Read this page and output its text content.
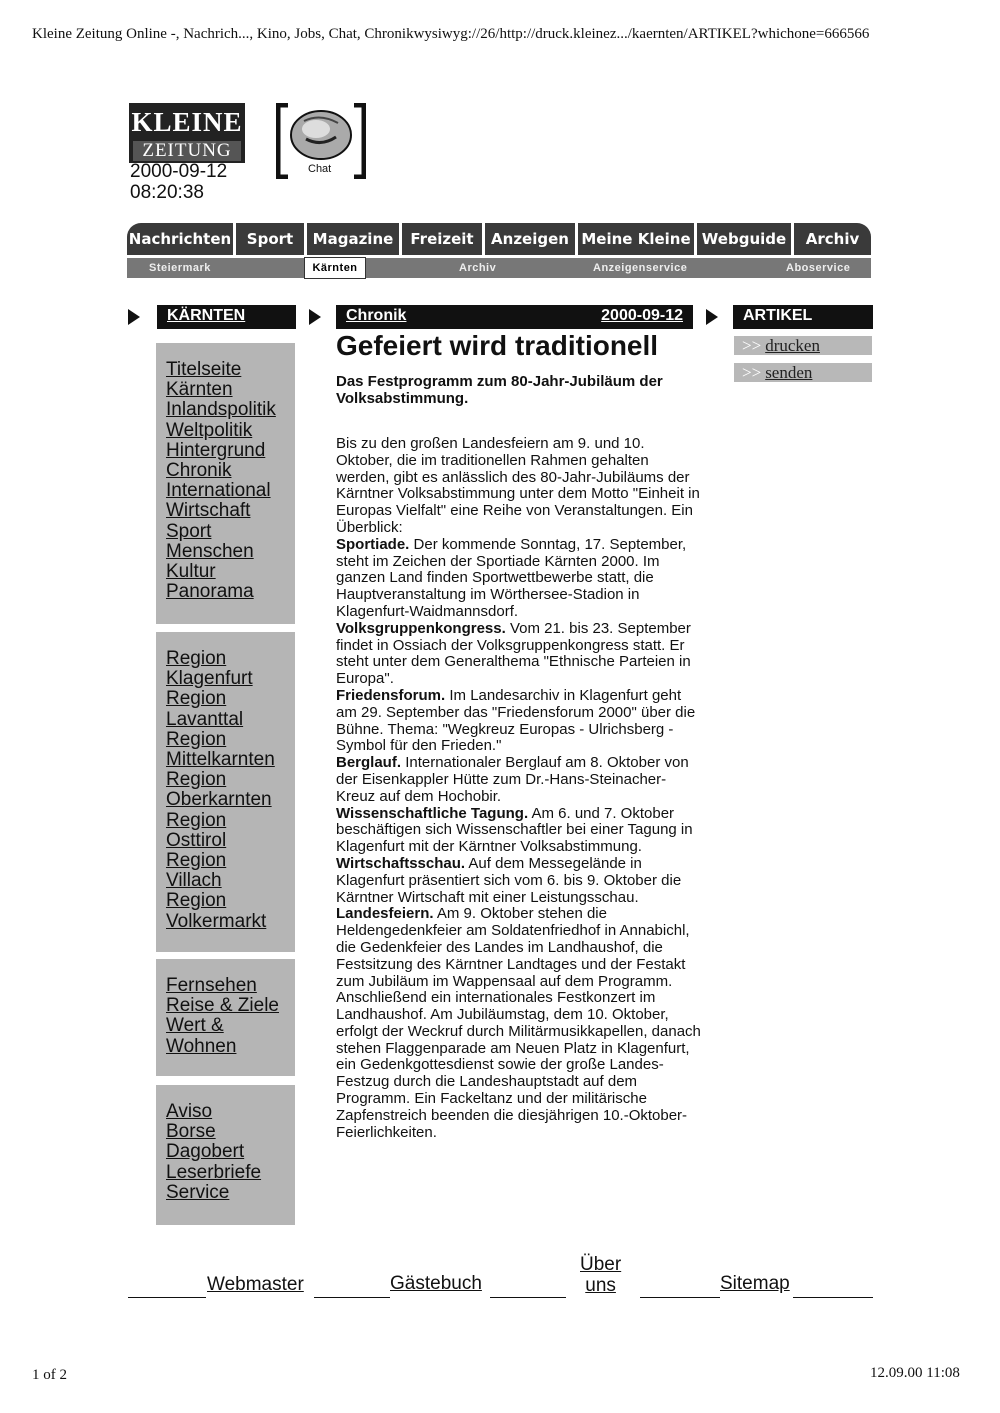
Kleine Zeitung Online -, Nachrich..., Kino, Jobs, Chat, Chronikwysiwyg://26/http://druck.kleinez.../kaernten/ARTIKEL?whichone=666566
KLEINE
ZEITUNG
2000-09-12
08:20:38
Chat
Nachrichten	Sport	Magazine	Freizeit	Anzeigen Meine Kleine Webguide	Archiv
Steiermark	Kärnten	Archiv	Anzeigenservice	Aboservice
KÄRNTEN	Chronik	2000-09-12	ARTIKEL
Titelseite Kärnten
Inlandspolitik
Weltpolitik
Hintergrund
Chronik
International
Wirtschaft
Sport
Menschen
Kultur
Panorama
Region Klagenfurt
Region Lavanttal
Region Mittelkarnten
Region Oberkarnten
Region Osttirol
Region Villach
Region Volkermarkt
Fernsehen
Reise & Ziele
Wert & Wohnen
Aviso
Borse
Dagobert
Leserbriefe
Service
Gefeiert wird traditionell
Das Festprogramm zum 80-Jahr-Jubiläum der Volksabstimmung.

Bis zu den großen Landesfeiern am 9. und 10. Oktober, die im traditionellen Rahmen gehalten werden, gibt es anlässlich des 80-Jahr-Jubiläums der Kärntner Volksabstimmung unter dem Motto "Einheit in Europas Vielfalt" eine Reihe von Veranstaltungen. Ein Überblick:

Sportiade. Der kommende Sonntag, 17. September, steht im Zeichen der Sportiade Kärnten 2000. Im ganzen Land finden Sportwettbewerbe statt, die Hauptveranstaltung im Wörthersee-Stadion in Klagenfurt-Waidmannsdorf.

Volksgruppenkongress. Vom 21. bis 23. September findet in Ossiach der Volksgruppenkongress statt. Er steht unter dem Generalthema "Ethnische Parteien in Europa".

Friedensforum. Im Landesarchiv in Klagenfurt geht am 29. September das "Friedensforum 2000" über die Bühne. Thema: "Wegkreuz Europas - Ulrichsberg - Symbol für den Frieden."

Berglauf. Internationaler Berglauf am 8. Oktober von der Eisenkappler Hütte zum Dr.-Hans-Steinacher-Kreuz auf dem Hochobir.

Wissenschaftliche Tagung. Am 6. und 7. Oktober beschäftigen sich Wissenschaftler bei einer Tagung in Klagenfurt mit der Kärntner Volksabstimmung.

Wirtschaftsschau. Auf dem Messegelände in Klagenfurt präsentiert sich vom 6. bis 9. Oktober die Kärntner Wirtschaft mit einer Leistungsschau.

Landesfeiern. Am 9. Oktober stehen die Heldengedenkfeier am Soldatenfriedhof in Annabichl, die Gedenkfeier des Landes im Landhaushof, die Festsitzung des Kärntner Landtages und der Festakt zum Jubiläum im Wappensaal auf dem Programm. Anschließend ein internationales Festkonzert im Landhaushof. Am Jubiläumstag, dem 10. Oktober, erfolgt der Weckruf durch Militärmusikkapellen, danach stehen Flaggenparade am Neuen Platz in Klagenfurt, ein Gedenkgottesdienst sowie der große Landes-Festzug durch die Landeshauptstadt auf dem Programm. Ein Fackeltanz und der militärische Zapfenstreich beenden die diesjährigen 10.-Oktober-Feierlichkeiten.

>> drucken
>> senden
Webmaster	Gästebuch
Über
uns	Sitemap
1 of 2	12.09.00 11:08
